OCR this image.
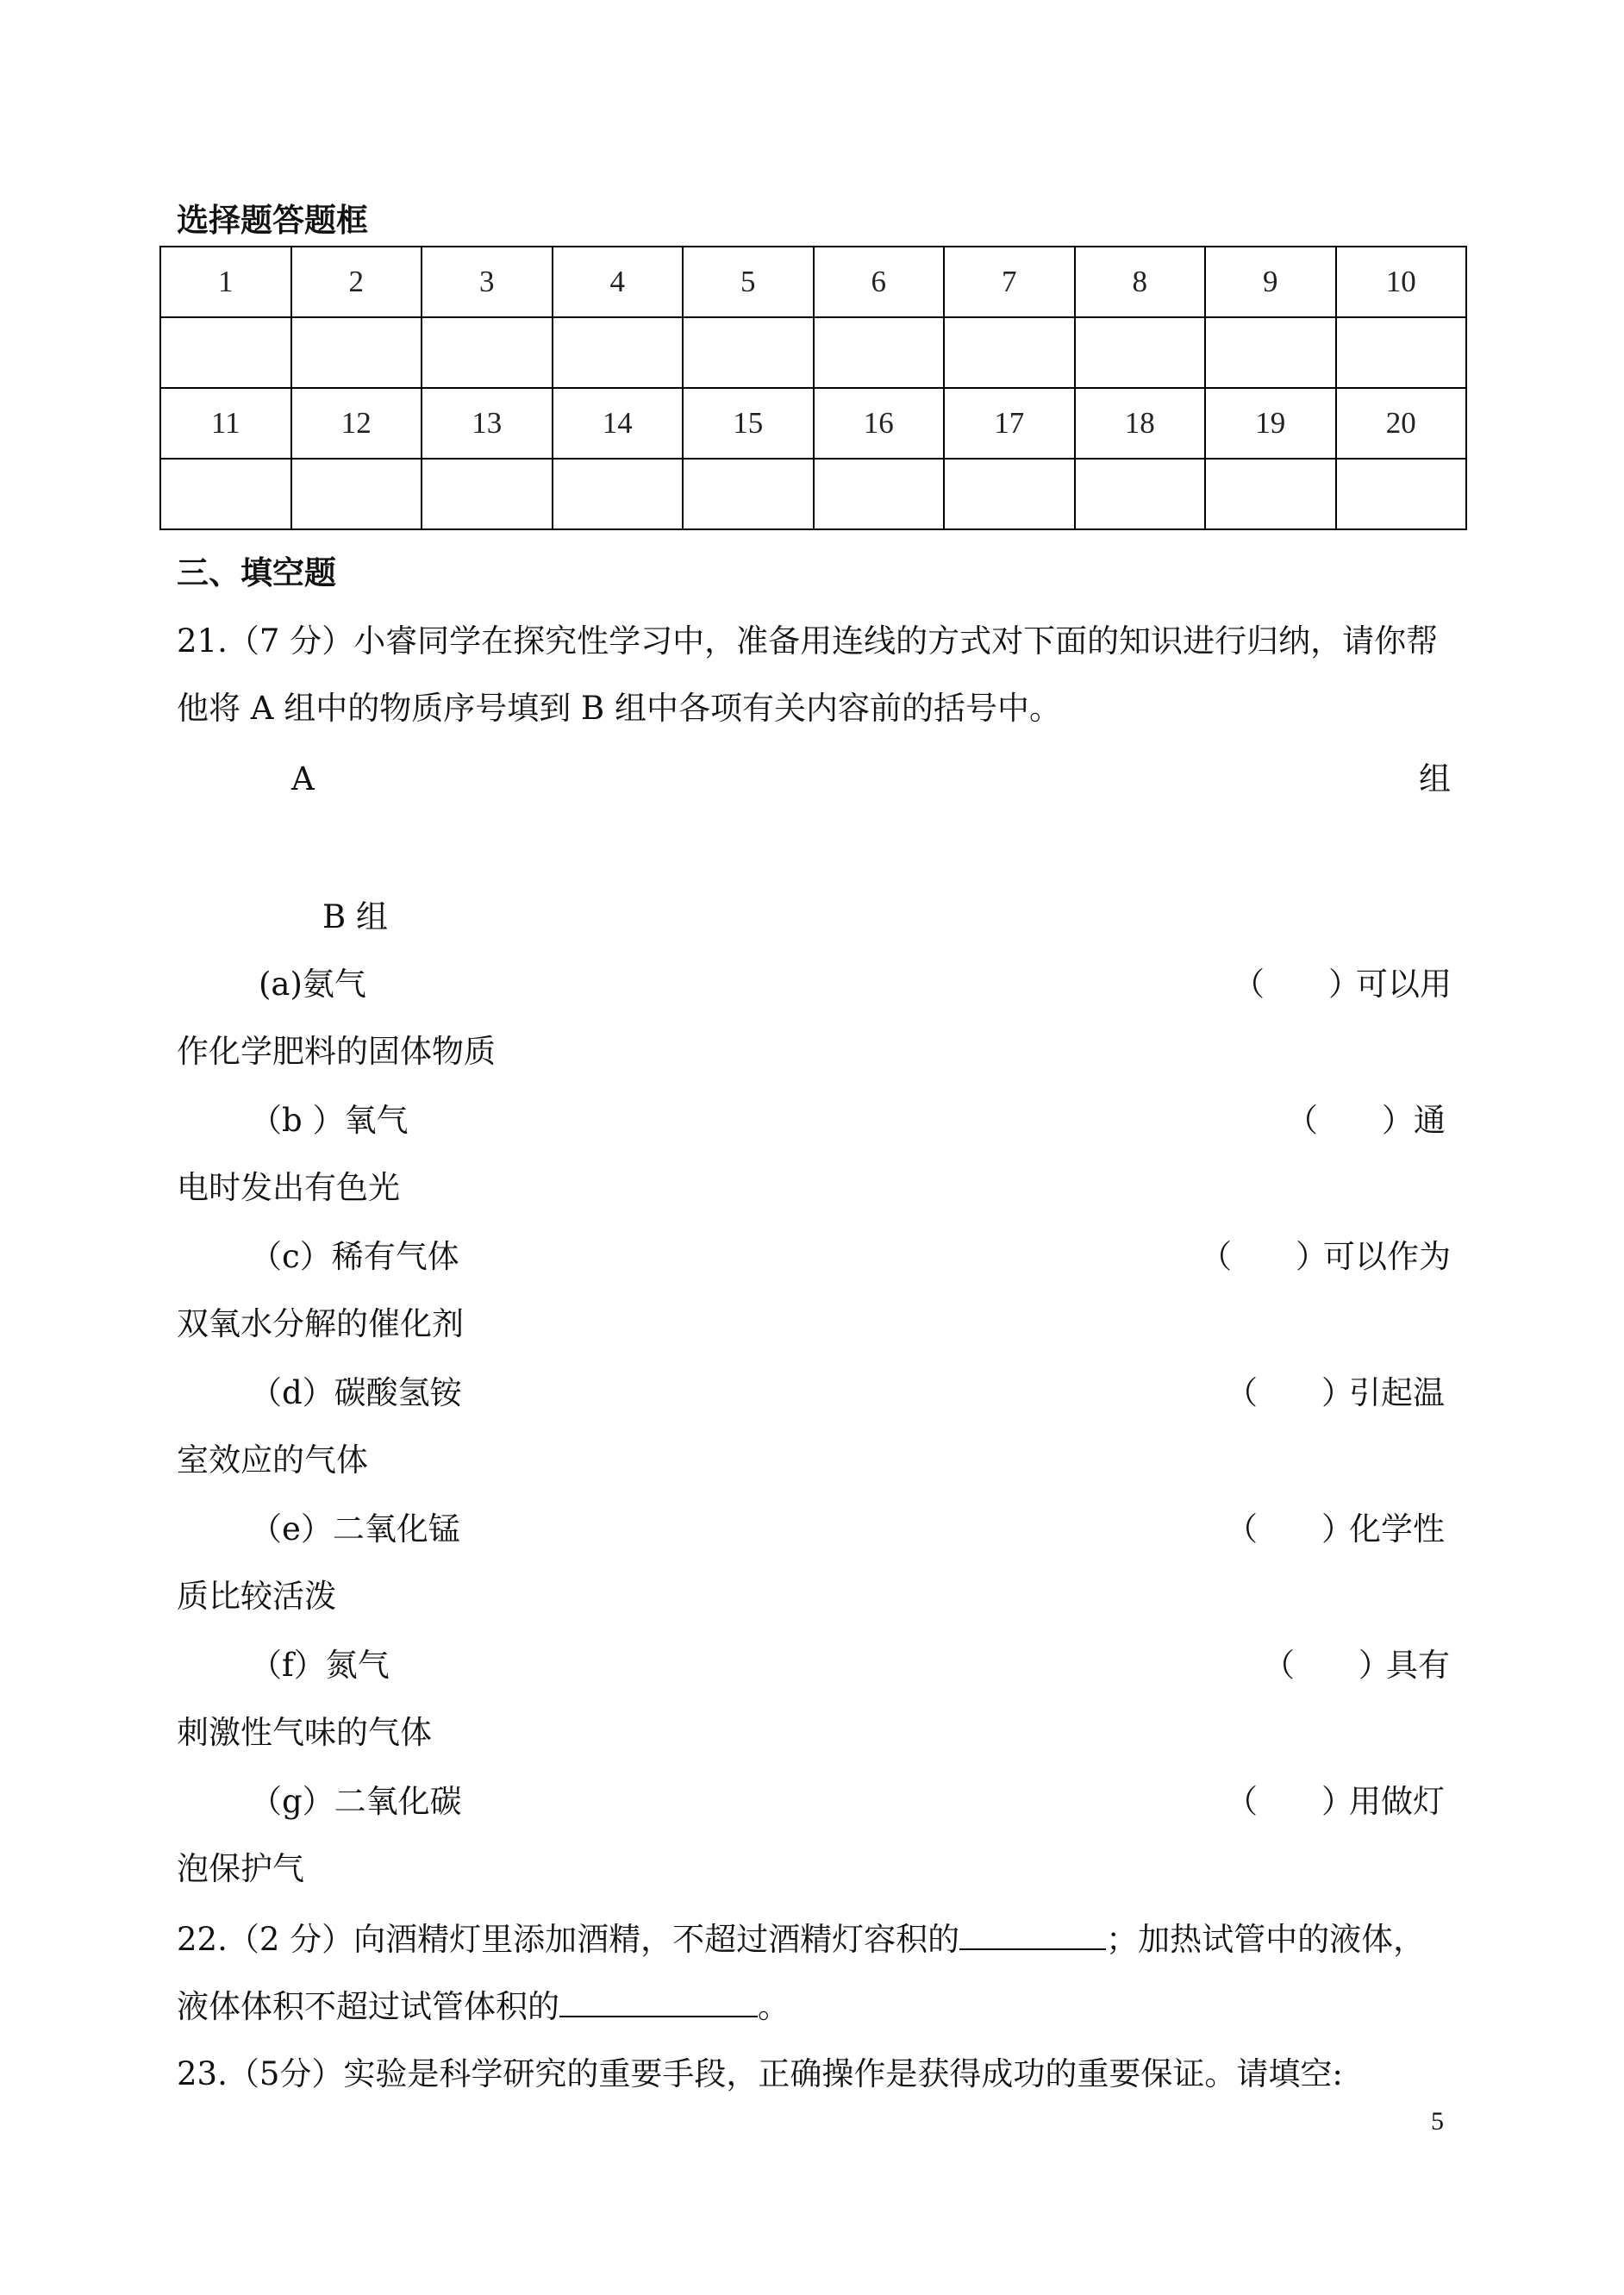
选择题答题框
1	2	3	4	5	6	7	8	9	10

11	12	13	14	15	16	17	18	19	20

三、填空题
21.（7 分）小睿同学在探究性学习中，准备用连线的方式对下面的知识进行归纳，请你帮
他将 A 组中的物质序号填到 B 组中各项有关内容前的括号中。
A	组
B 组
(a)氨气	（　　）
可以用
作化学肥料的固体物质
（b ）氧气	（　　） 通
电时发出有色光
（c）稀有气体	（　　）
可以作为
双氧水分解的催化剂
（d）碳酸氢铵	（　　）
引起温
室效应的气体
（e）二氧化锰	（　　）
化学性
质比较活泼
（f）氮气	（　　）
具有
刺激性气味的气体
（g）二氧化碳	（　　）
用做灯
泡保护气
22.（2 分）向酒精灯里添加酒精，不超过酒精灯容积的	；加热试管中的液体，
液体体积不超过试管体积的	。
23.（5分）实验是科学研究的重要手段，正确操作是获得成功的重要保证。请填空:
5
